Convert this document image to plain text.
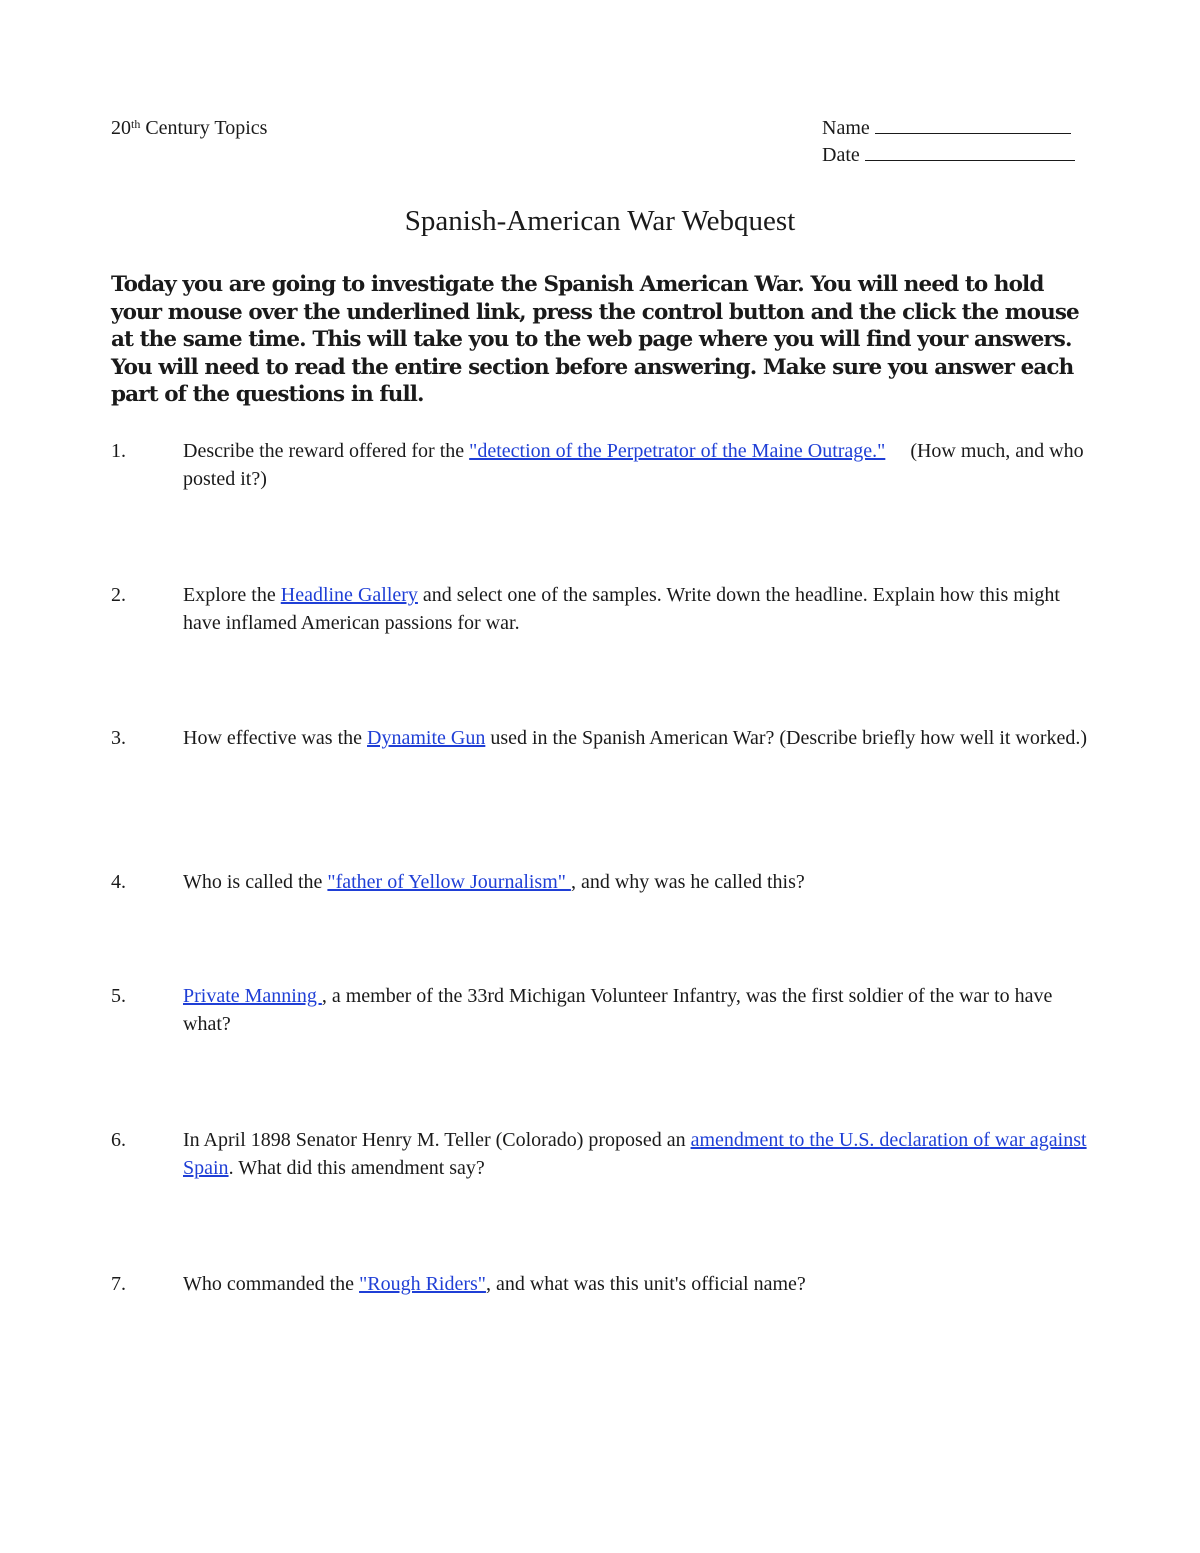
20th Century Topics	Name
Date
Spanish-American War Webquest
Today you are going to investigate the Spanish American War. You will need to hold your mouse over the underlined link, press the control button and the click the mouse at the same time. This will take you to the web page where you will find your answers. You will need to read the entire section before answering. Make sure you answer each part of the questions in full.
1.	Describe the reward offered for the "detection of the Perpetrator of the Maine Outrage."     (How much, and who posted it?)
2.	Explore the Headline Gallery and select one of the samples. Write down the headline. Explain how this might have inflamed American passions for war.
3.	How effective was the Dynamite Gun used in the Spanish American War? (Describe briefly how well it worked.)
4.	Who is called the "father of Yellow Journalism" , and why was he called this?
5.	Private Manning , a member of the 33rd Michigan Volunteer Infantry, was the first soldier of the war to have what?
6.	In April 1898 Senator Henry M. Teller (Colorado) proposed an amendment to the U.S. declaration of war against Spain. What did this amendment say?
7.	Who commanded the "Rough Riders", and what was this unit's official name?
